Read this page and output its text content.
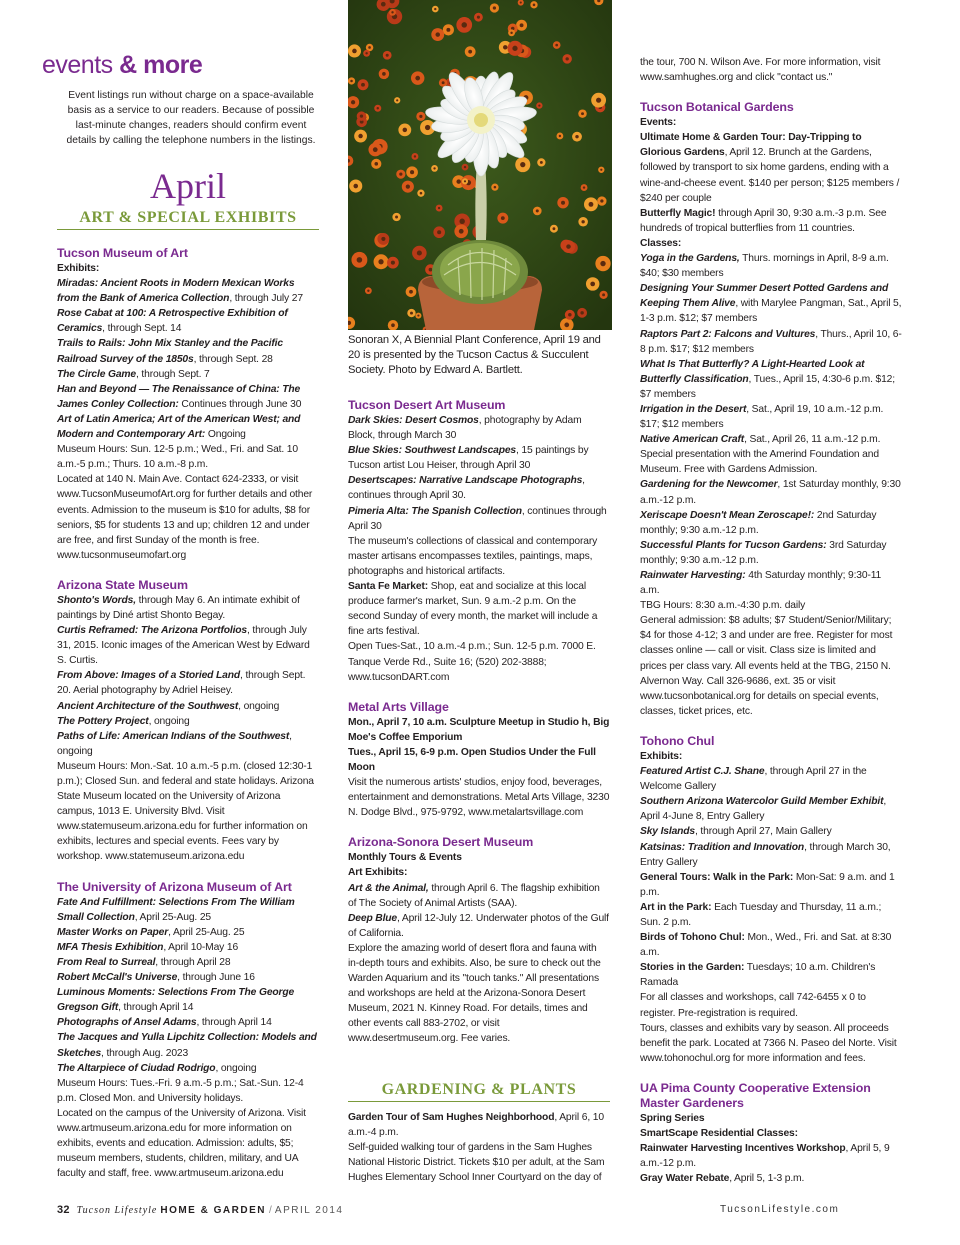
events & more
Event listings run without charge on a space-available basis as a service to our readers. Because of possible last-minute changes, readers should confirm event details by calling the telephone numbers in the listings.
April
ART & SPECIAL EXHIBITS
Tucson Museum of Art
Exhibits:
Miradas: Ancient Roots in Modern Mexican Works from the Bank of America Collection, through July 27
Rose Cabat at 100: A Retrospective Exhibition of Ceramics, through Sept. 14
Trails to Rails: John Mix Stanley and the Pacific Railroad Survey of the 1850s, through Sept. 28
The Circle Game, through Sept. 7
Han and Beyond — The Renaissance of China: The James Conley Collection: Continues through June 30
Art of Latin America; Art of the American West; and Modern and Contemporary Art: Ongoing
Museum Hours: Sun. 12-5 p.m.; Wed., Fri. and Sat. 10 a.m.-5 p.m.; Thurs. 10 a.m.-8 p.m.
Located at 140 N. Main Ave. Contact 624-2333, or visit www.TucsonMuseumofArt.org for further details and other events. Admission to the museum is $10 for adults, $8 for seniors, $5 for students 13 and up; children 12 and under are free, and first Sunday of the month is free. www.tucsonmuseumofart.org
Arizona State Museum
Shonto's Words, through May 6. An intimate exhibit of paintings by Diné artist Shonto Begay.
Curtis Reframed: The Arizona Portfolios, through July 31, 2015. Iconic images of the American West by Edward S. Curtis.
From Above: Images of a Storied Land, through Sept. 20. Aerial photography by Adriel Heisey.
Ancient Architecture of the Southwest, ongoing
The Pottery Project, ongoing
Paths of Life: American Indians of the Southwest, ongoing
Museum Hours: Mon.-Sat. 10 a.m.-5 p.m. (closed 12:30-1 p.m.); Closed Sun. and federal and state holidays. Arizona State Museum located on the University of Arizona campus, 1013 E. University Blvd. Visit www.statemuseum.arizona.edu for further information on exhibits, lectures and special events. Fees vary by workshop. www.statemuseum.arizona.edu
The University of Arizona Museum of Art
Fate And Fulfillment: Selections From The William Small Collection, April 25-Aug. 25
Master Works on Paper, April 25-Aug. 25
MFA Thesis Exhibition, April 10-May 16
From Real to Surreal, through April 28
Robert McCall's Universe, through June 16
Luminous Moments: Selections From The George Gregson Gift, through April 14
Photographs of Ansel Adams, through April 14
The Jacques and Yulla Lipchitz Collection: Models and Sketches, through Aug. 2023
The Altarpiece of Ciudad Rodrigo, ongoing
Museum Hours: Tues.-Fri. 9 a.m.-5 p.m.; Sat.-Sun. 12-4 p.m. Closed Mon. and University holidays.
Located on the campus of the University of Arizona. Visit www.artmuseum.arizona.edu for more information on exhibits, events and education. Admission: adults, $5; museum members, students, children, military, and UA faculty and staff, free. www.artmuseum.arizona.edu
Sonoran X, A Biennial Plant Conference, April 19 and 20 is presented by the Tucson Cactus & Succulent Society. Photo by Edward A. Bartlett.
Tucson Desert Art Museum
Dark Skies: Desert Cosmos, photography by Adam Block, through March 30
Blue Skies: Southwest Landscapes, 15 paintings by Tucson artist Lou Heiser, through April 30
Desertscapes: Narrative Landscape Photographs, continues through April 30.
Pimeria Alta: The Spanish Collection, continues through April 30
The museum's collections of classical and contemporary master artisans encompasses textiles, paintings, maps, photographs and historical artifacts.
Santa Fe Market: Shop, eat and socialize at this local produce farmer's market, Sun. 9 a.m.-2 p.m. On the second Sunday of every month, the market will include a fine arts festival.
Open Tues-Sat., 10 a.m.-4 p.m.; Sun. 12-5 p.m. 7000 E. Tanque Verde Rd., Suite 16; (520) 202-3888; www.tucsonDART.com
Metal Arts Village
Mon., April 7, 10 a.m. Sculpture Meetup in Studio h, Big Moe's Coffee Emporium
Tues., April 15, 6-9 p.m. Open Studios Under the Full Moon
Visit the numerous artists' studios, enjoy food, beverages, entertainment and demonstrations. Metal Arts Village, 3230 N. Dodge Blvd., 975-9792, www.metalartsvillage.com
Arizona-Sonora Desert Museum
Monthly Tours & Events
Art Exhibits:
Art & the Animal, through April 6. The flagship exhibition of The Society of Animal Artists (SAA).
Deep Blue, April 12-July 12. Underwater photos of the Gulf of California.
Explore the amazing world of desert flora and fauna with in-depth tours and exhibits. Also, be sure to check out the Warden Aquarium and its "touch tanks." All presentations and workshops are held at the Arizona-Sonora Desert Museum, 2021 N. Kinney Road. For details, times and other events call 883-2702, or visit www.desertmuseum.org. Fee varies.
GARDENING & PLANTS
Garden Tour of Sam Hughes Neighborhood, April 6, 10 a.m.-4 p.m.
Self-guided walking tour of gardens in the Sam Hughes National Historic District. Tickets $10 per adult, at the Sam Hughes Elementary School Inner Courtyard on the day of
the tour, 700 N. Wilson Ave. For more information, visit www.samhughes.org and click "contact us."
Tucson Botanical Gardens
Events:
Ultimate Home & Garden Tour: Day-Tripping to Glorious Gardens, April 12. Brunch at the Gardens, followed by transport to six home gardens, ending with a wine-and-cheese event. $140 per person; $125 members / $240 per couple
Butterfly Magic! through April 30, 9:30 a.m.-3 p.m. See hundreds of tropical butterflies from 11 countries.
Classes:
Yoga in the Gardens, Thurs. mornings in April, 8-9 a.m. $40; $30 members
Designing Your Summer Desert Potted Gardens and Keeping Them Alive, with Marylee Pangman, Sat., April 5, 1-3 p.m. $12; $7 members
Raptors Part 2: Falcons and Vultures, Thurs., April 10, 6-8 p.m. $17; $12 members
What Is That Butterfly? A Light-Hearted Look at Butterfly Classification, Tues., April 15, 4:30-6 p.m. $12; $7 members
Irrigation in the Desert, Sat., April 19, 10 a.m.-12 p.m. $17; $12 members
Native American Craft, Sat., April 26, 11 a.m.-12 p.m. Special presentation with the Amerind Foundation and Museum. Free with Gardens Admission.
Gardening for the Newcomer, 1st Saturday monthly, 9:30 a.m.-12 p.m.
Xeriscape Doesn't Mean Zeroscape!: 2nd Saturday monthly; 9:30 a.m.-12 p.m.
Successful Plants for Tucson Gardens: 3rd Saturday monthly; 9:30 a.m.-12 p.m.
Rainwater Harvesting: 4th Saturday monthly; 9:30-11 a.m.
TBG Hours: 8:30 a.m.-4:30 p.m. daily
General admission: $8 adults; $7 Student/Senior/Military; $4 for those 4-12; 3 and under are free. Register for most classes online — call or visit. Class size is limited and prices per class vary. All events held at the TBG, 2150 N. Alvernon Way. Call 326-9686, ext. 35 or visit www.tucsonbotanical.org for details on special events, classes, ticket prices, etc.
Tohono Chul
Exhibits:
Featured Artist C.J. Shane, through April 27 in the Welcome Gallery
Southern Arizona Watercolor Guild Member Exhibit, April 4-June 8, Entry Gallery
Sky Islands, through April 27, Main Gallery
Katsinas: Tradition and Innovation, through March 30, Entry Gallery
General Tours: Walk in the Park: Mon-Sat: 9 a.m. and 1 p.m.
Art in the Park: Each Tuesday and Thursday, 11 a.m.; Sun. 2 p.m.
Birds of Tohono Chul: Mon., Wed., Fri. and Sat. at 8:30 a.m.
Stories in the Garden: Tuesdays; 10 a.m. Children's Ramada
For all classes and workshops, call 742-6455 x 0 to register. Pre-registration is required.
Tours, classes and exhibits vary by season. All proceeds benefit the park. Located at 7366 N. Paseo del Norte. Visit www.tohonochul.org for more information and fees.
UA Pima County Cooperative Extension Master Gardeners
Spring Series
SmartScape Residential Classes:
Rainwater Harvesting Incentives Workshop, April 5, 9 a.m.-12 p.m.
Gray Water Rebate, April 5, 1-3 p.m.
32 Tucson Lifestyle HOME & GARDEN / APRIL 2014	TucsonLifestyle.com
